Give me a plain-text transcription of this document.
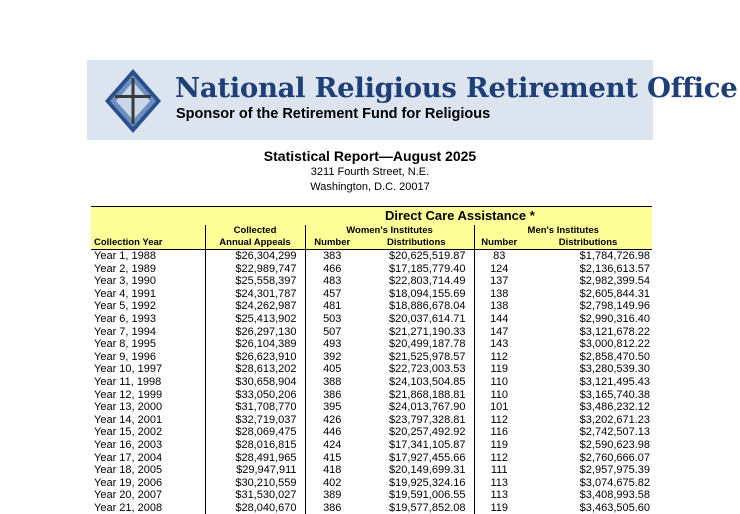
National Religious Retirement Office
Sponsor of the Retirement Fund for Religious
Statistical Report—August 2025
3211 Fourth Street, N.E.
Washington, D.C. 20017
Direct Care Assistance *					
	Collected	Women's Institutes		Men's Institutes	
Collection Year	Annual Appeals	Number	Distributions	Number	Distributions
Year 1, 1988	$26,304,299	383	$20,625,519.87	83	$1,784,726.98
Year 2, 1989	$22,989,747	466	$17,185,779.40	124	$2,136,613.57
Year 3, 1990	$25,558,397	483	$22,803,714.49	137	$2,982,399.54
Year 4, 1991	$24,301,787	457	$18,094,155.69	138	$2,605,844.31
Year 5, 1992	$24,262,987	481	$18,886,678.04	138	$2,798,149.96
Year 6, 1993	$25,413,902	503	$20,037,614.71	144	$2,990,316.40
Year 7, 1994	$26,297,130	507	$21,271,190.33	147	$3,121,678.22
Year 8, 1995	$26,104,389	493	$20,499,187.78	143	$3,000,812.22
Year 9, 1996	$26,623,910	392	$21,525,978.57	112	$2,858,470.50
Year 10, 1997	$28,613,202	405	$22,723,003.53	119	$3,280,539.30
Year 11, 1998	$30,658,904	388	$24,103,504.85	110	$3,121,495.43
Year 12, 1999	$33,050,206	386	$21,868,188.81	110	$3,165,740.38
Year 13, 2000	$31,708,770	395	$24,013,767.90	101	$3,486,232.12
Year 14, 2001	$32,719,037	426	$23,797,328.81	112	$3,202,671.23
Year 15, 2002	$28,069,475	446	$20,257,492.92	116	$2,742,507.13
Year 16, 2003	$28,016,815	424	$17,341,105.87	119	$2,590,623.98
Year 17, 2004	$28,491,965	415	$17,927,455.66	112	$2,760,666.07
Year 18, 2005	$29,947,911	418	$20,149,699.31	111	$2,957,975.39
Year 19, 2006	$30,210,559	402	$19,925,324.16	113	$3,074,675.82
Year 20, 2007	$31,530,027	389	$19,591,006.55	113	$3,408,993.58
Year 21, 2008	$28,040,670	386	$19,577,852.08	119	$3,463,505.60
